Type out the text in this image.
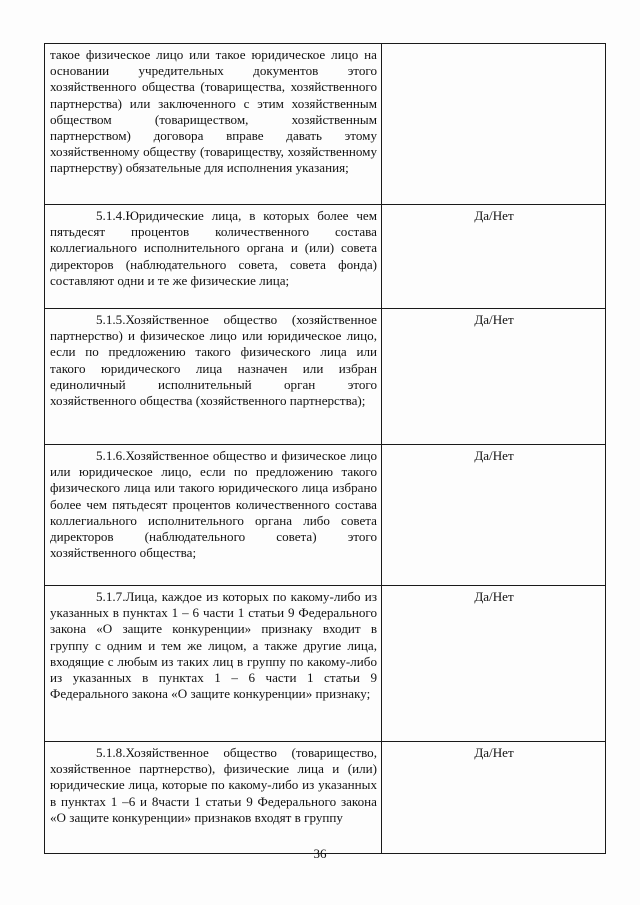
такое физическое лицо или такое юридическое лицо на основании учредительных документов этого хозяйственного общества (товарищества, хозяйственного партнерства) или заключенного с этим хозяйственным обществом (товариществом, хозяйственным партнерством) договора вправе давать этому хозяйственному обществу (товариществу, хозяйственному партнерству) обязательные для исполнения указания;	

5.1.4.Юридические лица, в которых более чем пятьдесят процентов количественного состава коллегиального исполнительного органа и (или) совета директоров (наблюдательного совета, совета фонда) составляют одни и те же физические лица;	Да/Нет

5.1.5.Хозяйственное общество (хозяйственное партнерство) и физическое лицо или юридическое лицо, если по предложению такого физического лица или такого юридического лица назначен или избран единоличный исполнительный орган этого хозяйственного общества (хозяйственного партнерства);	Да/Нет

5.1.6.Хозяйственное общество и физическое лицо или юридическое лицо, если по предложению такого физического лица или такого юридического лица избрано более чем пятьдесят процентов количественного состава коллегиального исполнительного органа либо совета директоров (наблюдательного совета) этого хозяйственного общества;	Да/Нет

5.1.7.Лица, каждое из которых по какому-либо из указанных в пунктах 1 – 6 части 1 статьи 9 Федерального закона «О защите конкуренции» признаку входит в группу с одним и тем же лицом, а также другие лица, входящие с любым из таких лиц в группу по какому-либо из указанных в пунктах 1 – 6 части 1 статьи 9 Федерального закона «О защите конкуренции» признаку;	Да/Нет

5.1.8.Хозяйственное общество (товарищество, хозяйственное партнерство), физические лица и (или) юридические лица, которые по какому-либо из указанных в пунктах 1 –6 и 8части 1 статьи 9 Федерального закона «О защите конкуренции» признаков входят в группу	Да/Нет
36
